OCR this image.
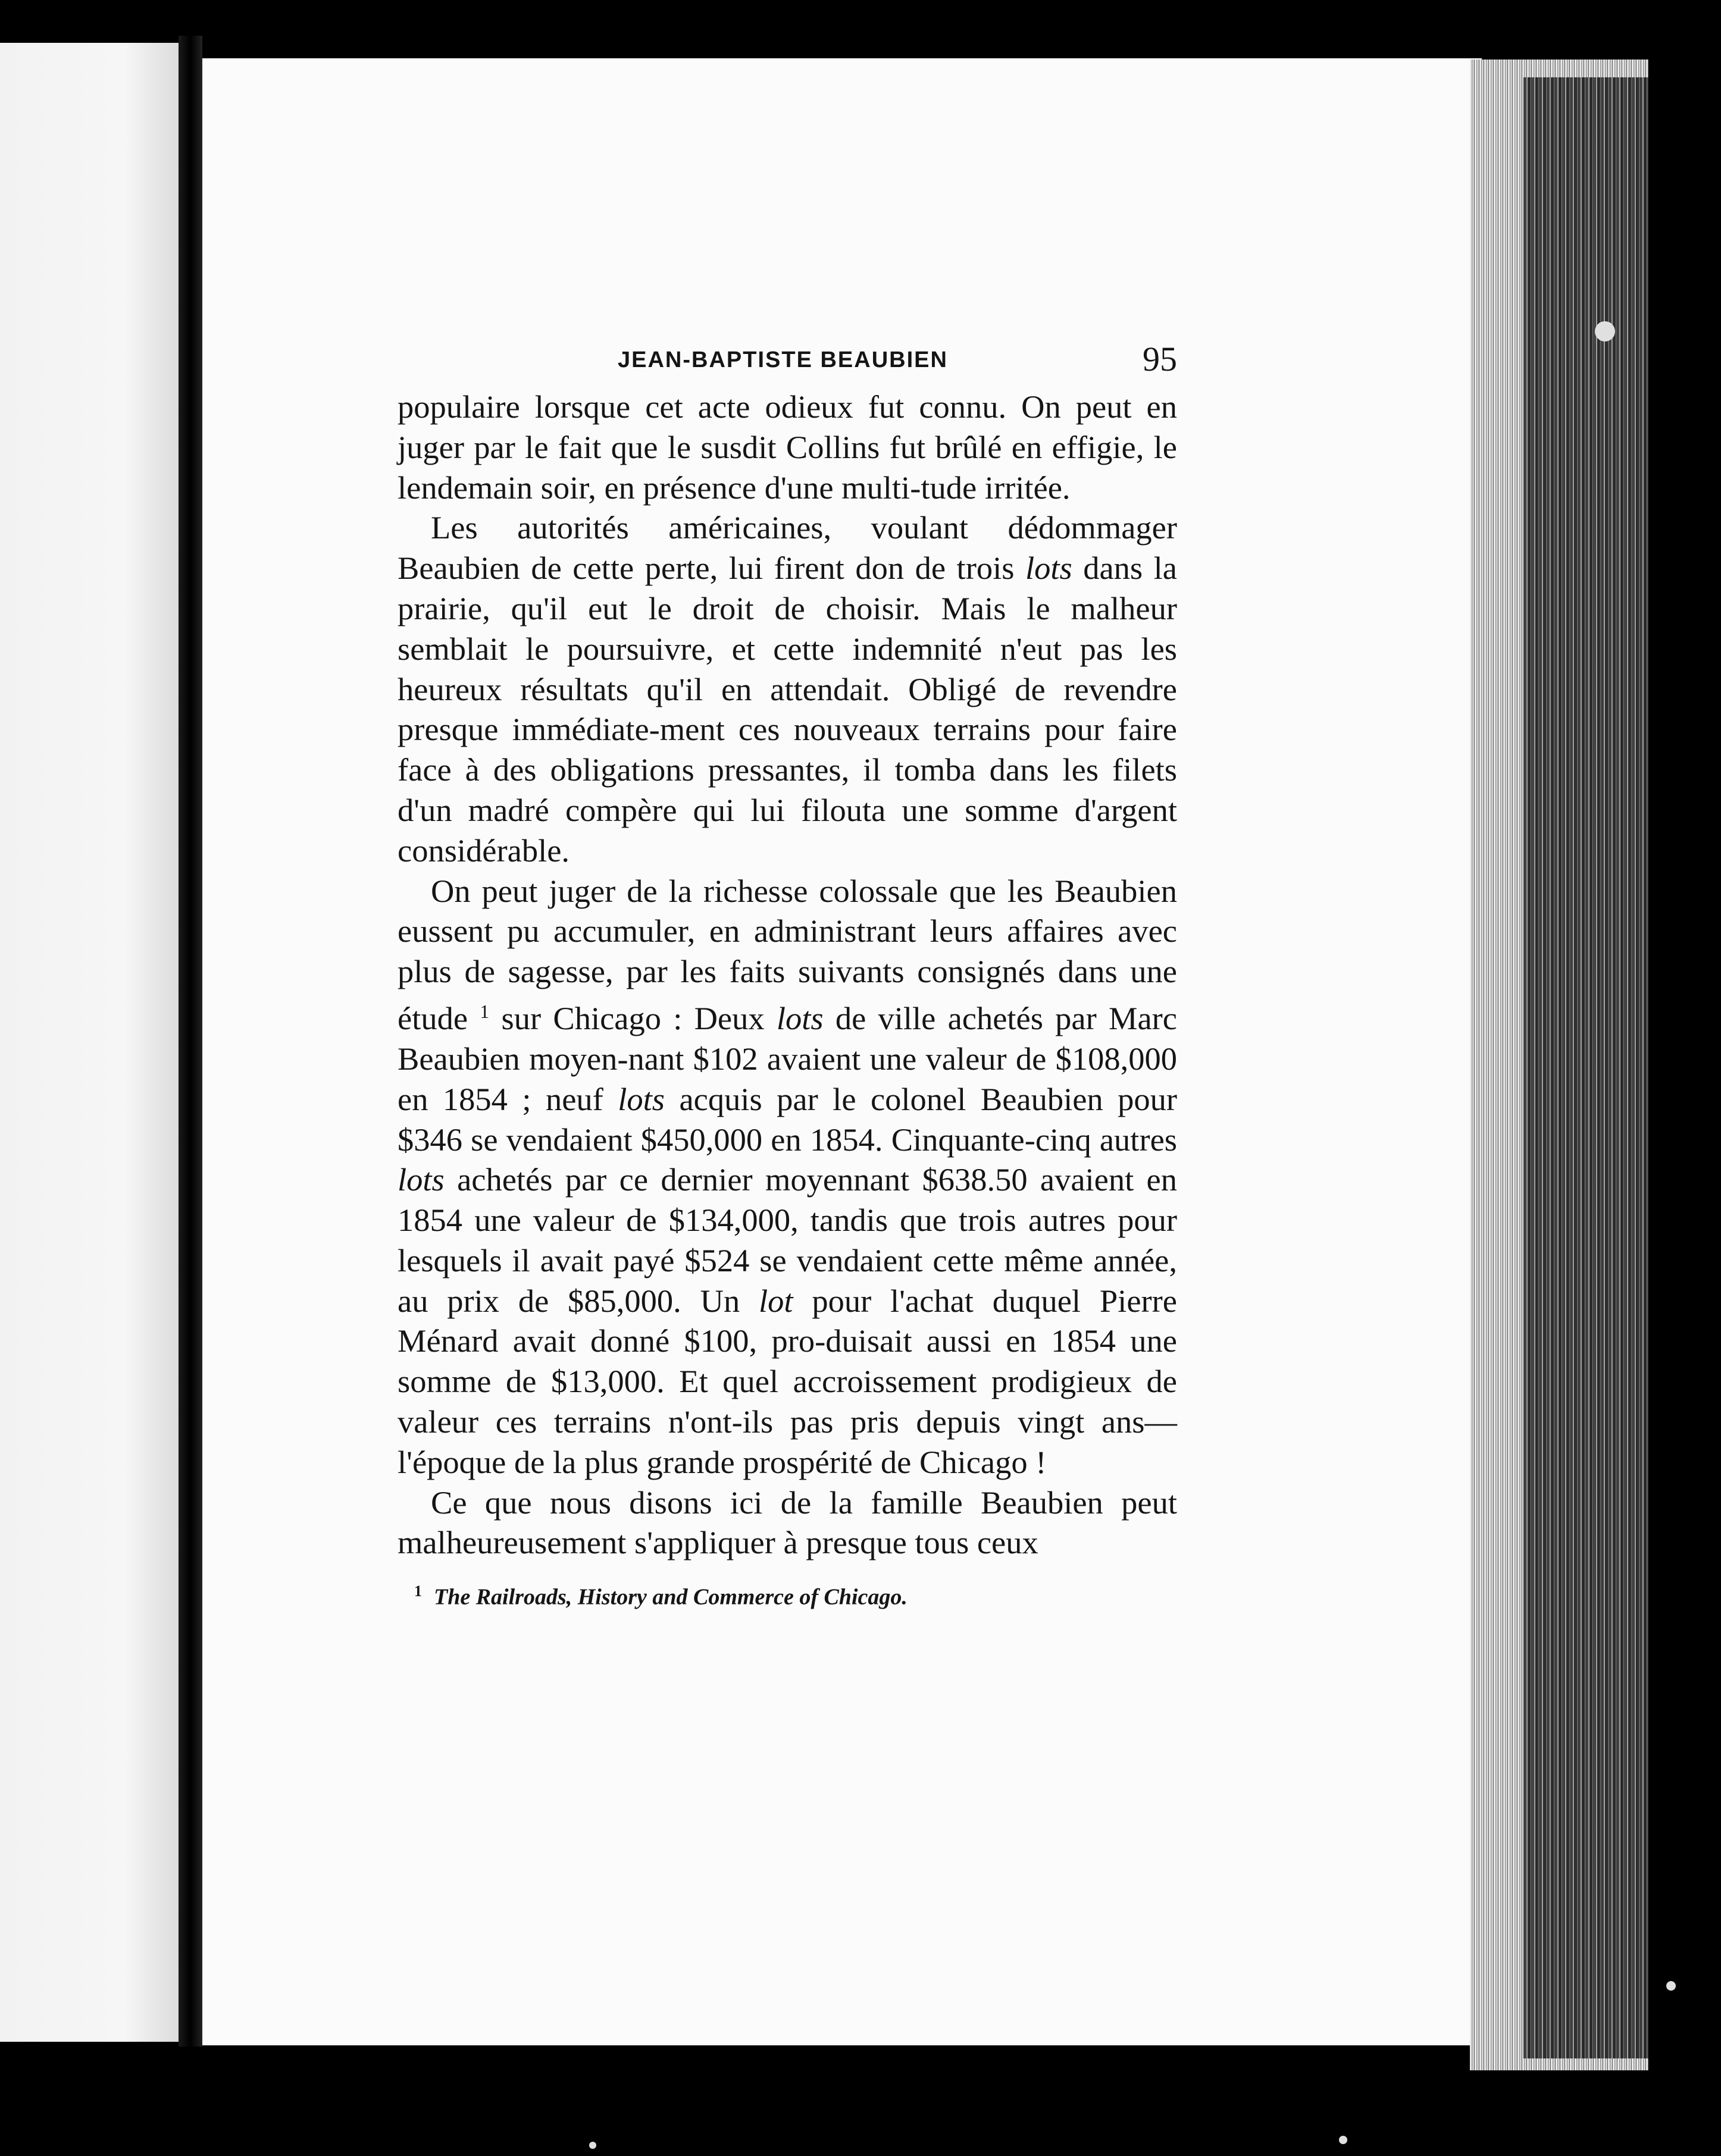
JEAN-BAPTISTE BEAUBIEN	95

populaire lorsque cet acte odieux fut connu. On peut en juger par le fait que le susdit Collins fut brûlé en effigie, le lendemain soir, en présence d'une multi-tude irritée.

Les autorités américaines, voulant dédommager Beaubien de cette perte, lui firent don de trois lots dans la prairie, qu'il eut le droit de choisir. Mais le malheur semblait le poursuivre, et cette indemnité n'eut pas les heureux résultats qu'il en attendait. Obligé de revendre presque immédiate-ment ces nouveaux terrains pour faire face à des obligations pressantes, il tomba dans les filets d'un madré compère qui lui filouta une somme d'argent considérable.

On peut juger de la richesse colossale que les Beaubien eussent pu accumuler, en administrant leurs affaires avec plus de sagesse, par les faits suivants consignés dans une étude $^1$ sur Chicago : Deux lots de ville achetés par Marc Beaubien moyen-nant $102 avaient une valeur de $108,000 en 1854 ; neuf lots acquis par le colonel Beaubien pour $346 se vendaient $450,000 en 1854. Cinquante-cinq autres lots achetés par ce dernier moyennant $638.50 avaient en 1854 une valeur de $134,000, tandis que trois autres pour lesquels il avait payé $524 se vendaient cette même année, au prix de $85,000. Un lot pour l'achat duquel Pierre Ménard avait donné $100, pro-duisait aussi en 1854 une somme de $13,000. Et quel accroissement prodigieux de valeur ces terrains n'ont-ils pas pris depuis vingt ans—l'époque de la plus grande prospérité de Chicago !

Ce que nous disons ici de la famille Beaubien peut malheureusement s'appliquer à presque tous ceux

$^1$ The Railroads, History and Commerce of Chicago.
